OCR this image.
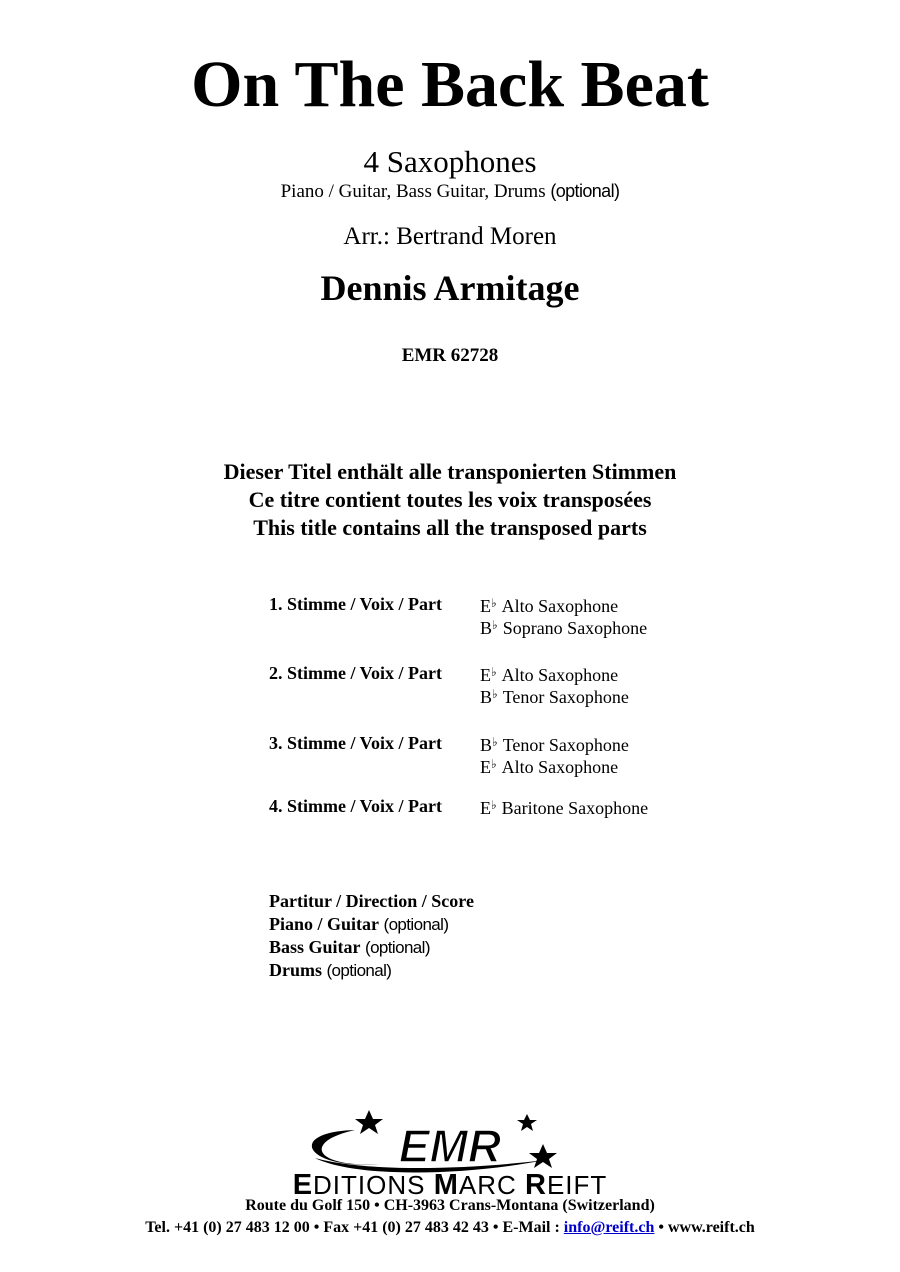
On The Back Beat
4 Saxophones
Piano / Guitar, Bass Guitar, Drums (optional)
Arr.: Bertrand Moren
Dennis Armitage
EMR 62728
Dieser Titel enthält alle transponierten Stimmen
Ce titre contient toutes les voix transposées
This title contains all the transposed parts
1. Stimme / Voix / Part E♭ Alto Saxophone
B♭ Soprano Saxophone
2. Stimme / Voix / Part E♭ Alto Saxophone
B♭ Tenor Saxophone
3. Stimme / Voix / Part B♭ Tenor Saxophone
E♭ Alto Saxophone
4. Stimme / Voix / Part E♭ Baritone Saxophone
Partitur / Direction / Score
Piano / Guitar (optional)
Bass Guitar (optional)
Drums (optional)
EMR
EDITIONS MARC REIFT
Route du Golf 150 • CH-3963 Crans-Montana (Switzerland)
Tel. +41 (0) 27 483 12 00 • Fax +41 (0) 27 483 42 43 • E-Mail : info@reift.ch • www.reift.ch
